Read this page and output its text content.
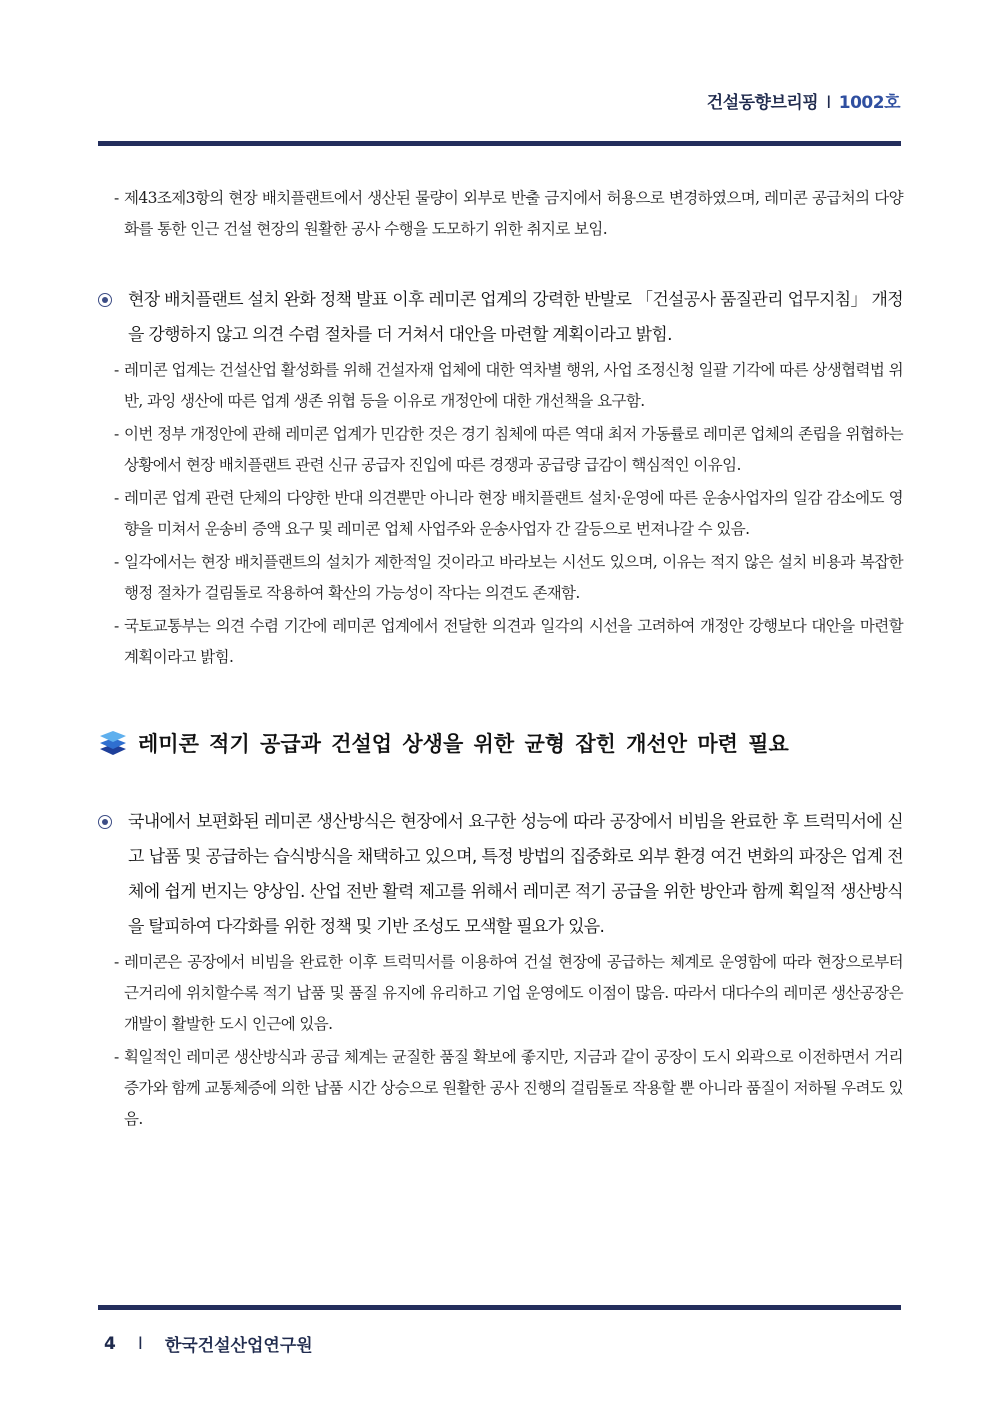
건설동향브리핑 I 1002호
- 제43조제3항의 현장 배치플랜트에서 생산된 물량이 외부로 반출 금지에서 허용으로 변경하였으며, 레미콘 공급처의 다양화를 통한 인근 건설 현장의 원활한 공사 수행을 도모하기 위한 취지로 보임.
현장 배치플랜트 설치 완화 정책 발표 이후 레미콘 업계의 강력한 반발로 「건설공사 품질관리 업무지침」 개정을 강행하지 않고 의견 수렴 절차를 더 거쳐서 대안을 마련할 계획이라고 밝힘.
- 레미콘 업계는 건설산업 활성화를 위해 건설자재 업체에 대한 역차별 행위, 사업 조정신청 일괄 기각에 따른 상생협력법 위반, 과잉 생산에 따른 업계 생존 위협 등을 이유로 개정안에 대한 개선책을 요구함.
- 이번 정부 개정안에 관해 레미콘 업계가 민감한 것은 경기 침체에 따른 역대 최저 가동률로 레미콘 업체의 존립을 위협하는 상황에서 현장 배치플랜트 관련 신규 공급자 진입에 따른 경쟁과 공급량 급감이 핵심적인 이유임.
- 레미콘 업계 관련 단체의 다양한 반대 의견뿐만 아니라 현장 배치플랜트 설치·운영에 따른 운송사업자의 일감 감소에도 영향을 미쳐서 운송비 증액 요구 및 레미콘 업체 사업주와 운송사업자 간 갈등으로 번져나갈 수 있음.
- 일각에서는 현장 배치플랜트의 설치가 제한적일 것이라고 바라보는 시선도 있으며, 이유는 적지 않은 설치 비용과 복잡한 행정 절차가 걸림돌로 작용하여 확산의 가능성이 작다는 의견도 존재함.
- 국토교통부는 의견 수렴 기간에 레미콘 업계에서 전달한 의견과 일각의 시선을 고려하여 개정안 강행보다 대안을 마련할 계획이라고 밝힘.
레미콘 적기 공급과 건설업 상생을 위한 균형 잡힌 개선안 마련 필요
국내에서 보편화된 레미콘 생산방식은 현장에서 요구한 성능에 따라 공장에서 비빔을 완료한 후 트럭믹서에 싣고 납품 및 공급하는 습식방식을 채택하고 있으며, 특정 방법의 집중화로 외부 환경 여건 변화의 파장은 업계 전체에 쉽게 번지는 양상임. 산업 전반 활력 제고를 위해서 레미콘 적기 공급을 위한 방안과 함께 획일적 생산방식을 탈피하여 다각화를 위한 정책 및 기반 조성도 모색할 필요가 있음.
- 레미콘은 공장에서 비빔을 완료한 이후 트럭믹서를 이용하여 건설 현장에 공급하는 체계로 운영함에 따라 현장으로부터 근거리에 위치할수록 적기 납품 및 품질 유지에 유리하고 기업 운영에도 이점이 많음. 따라서 대다수의 레미콘 생산공장은 개발이 활발한 도시 인근에 있음.
- 획일적인 레미콘 생산방식과 공급 체계는 균질한 품질 확보에 좋지만, 지금과 같이 공장이 도시 외곽으로 이전하면서 거리 증가와 함께 교통체증에 의한 납품 시간 상승으로 원활한 공사 진행의 걸림돌로 작용할 뿐 아니라 품질이 저하될 우려도 있음.
4 I 한국건설산업연구원
